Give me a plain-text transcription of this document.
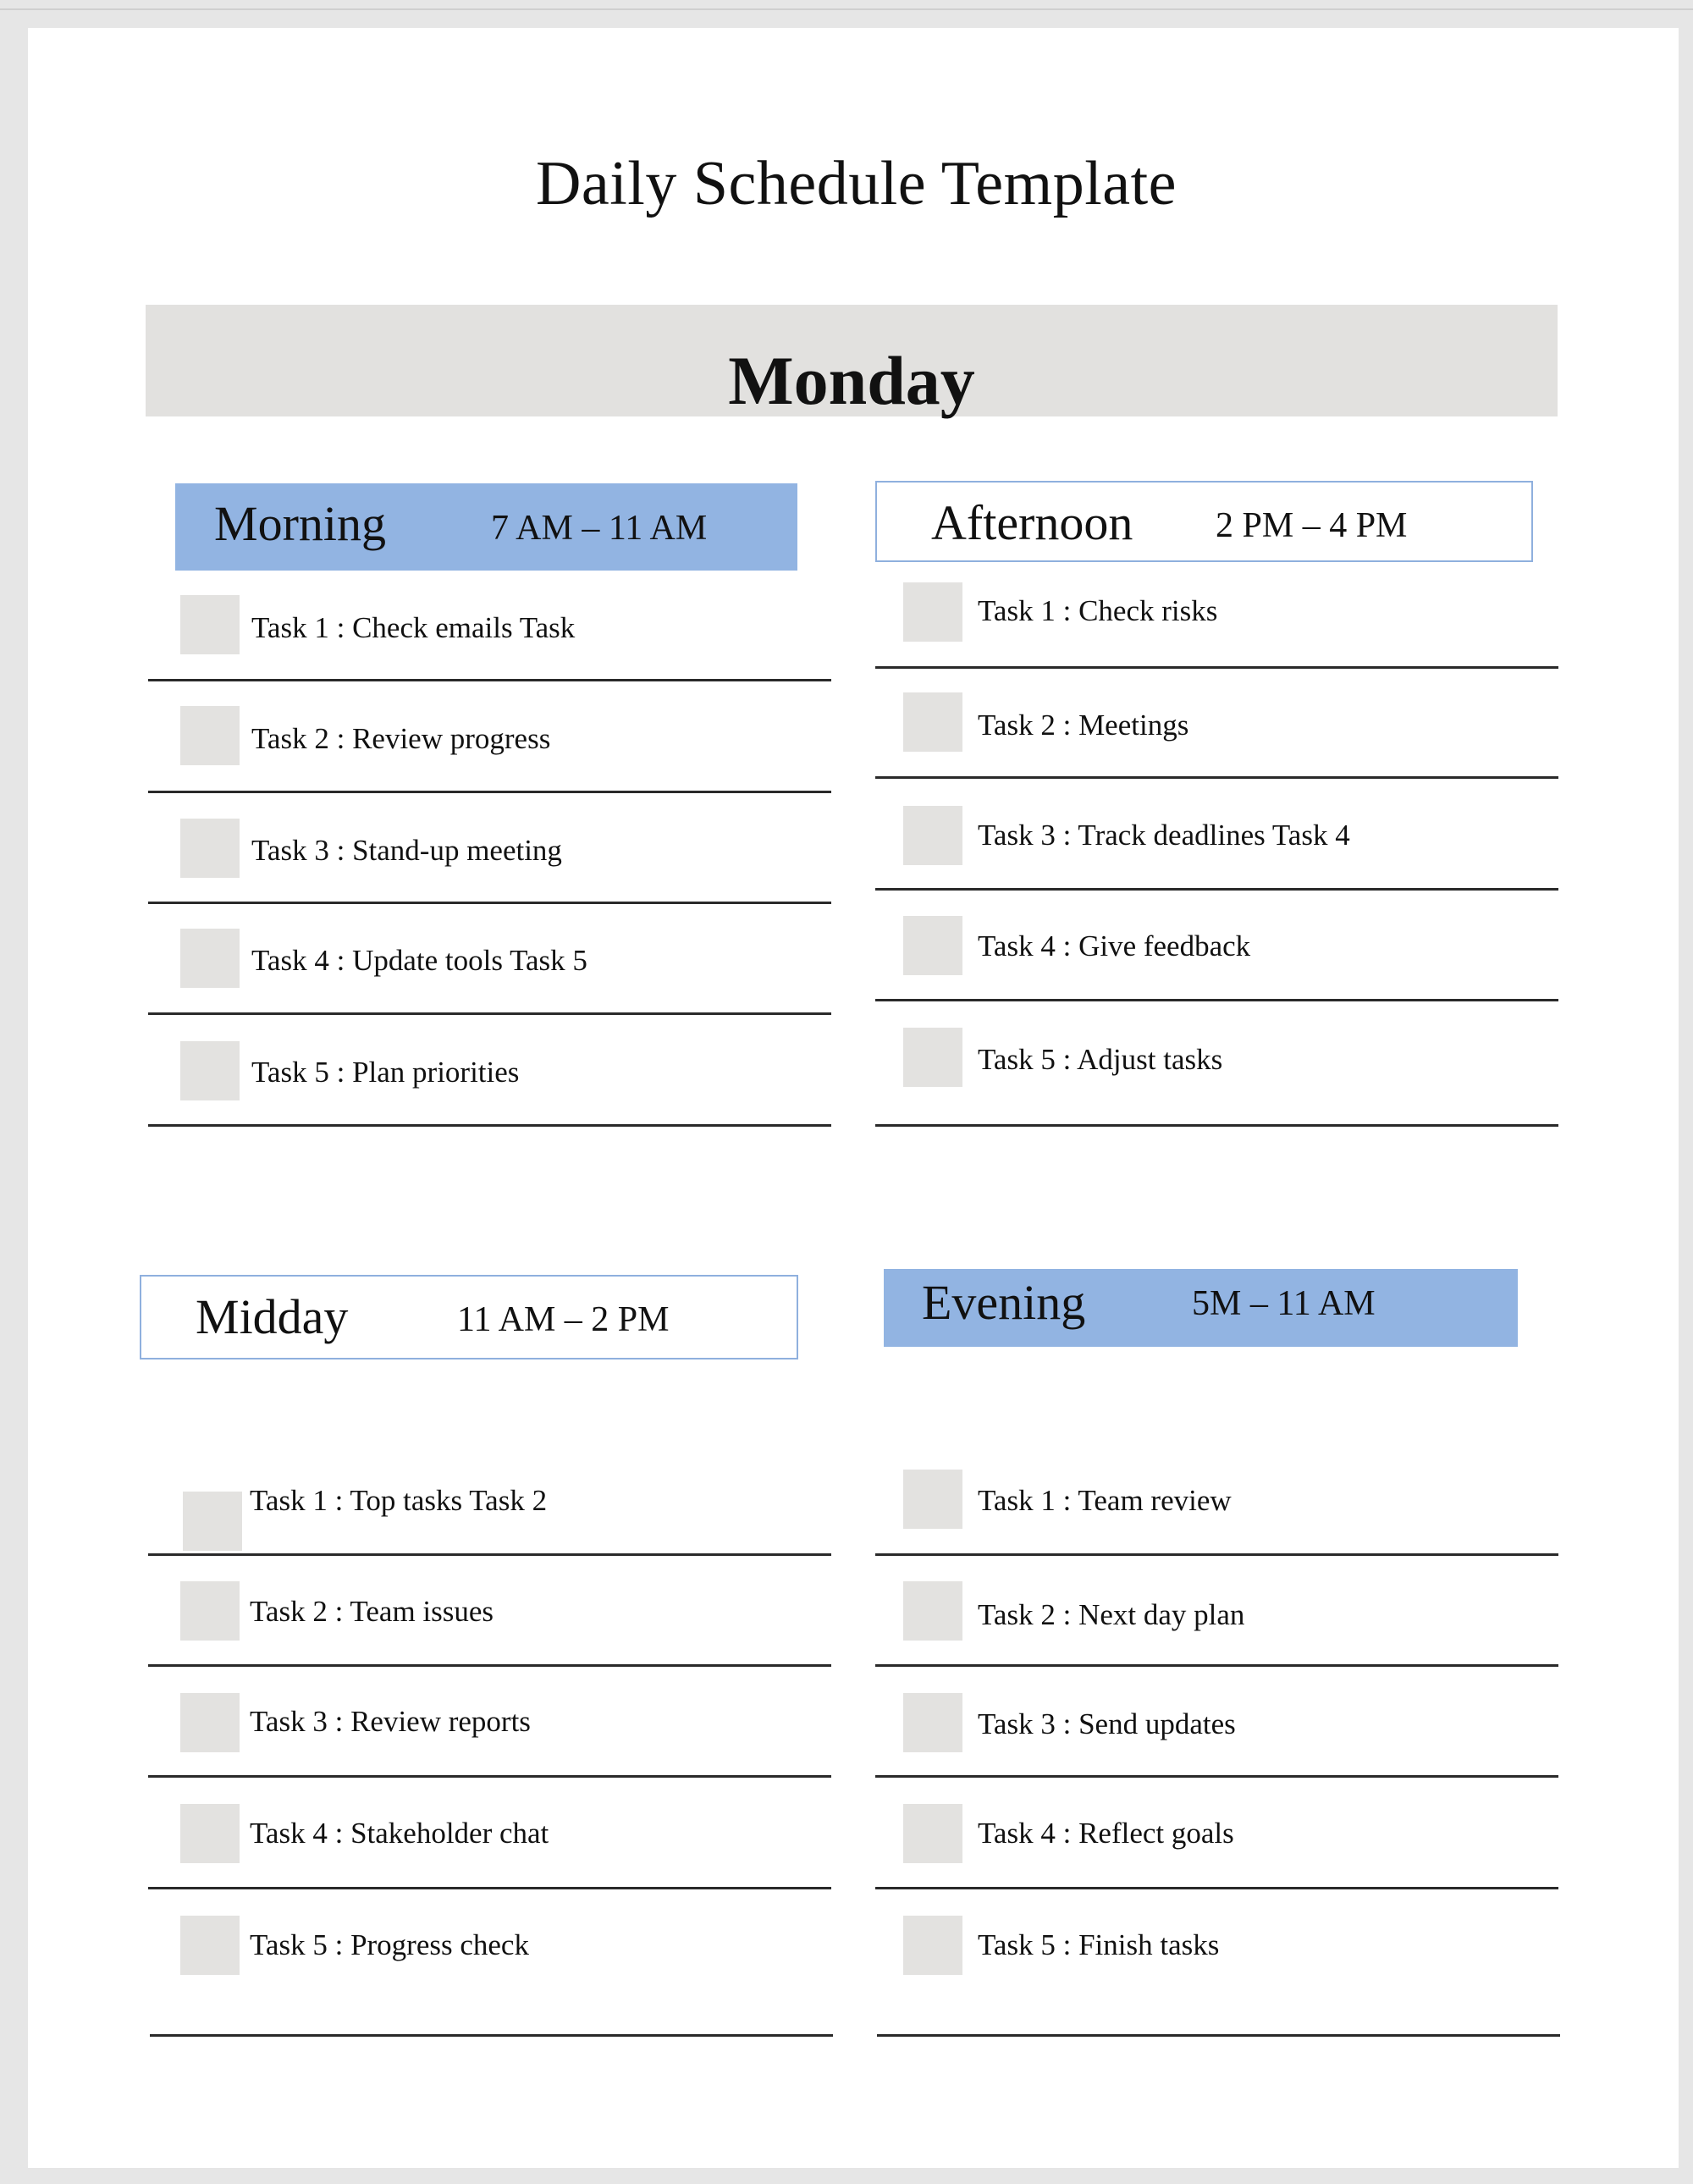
Daily Schedule Template
Monday
Morning	7 AM – 11 AM
Task 1 : Check emails Task
Task 2 : Review progress
Task 3 : Stand-up meeting
Task 4 : Update tools Task 5
Task 5 : Plan priorities
Afternoon 2 PM – 4 PM
Task 1 : Check risks
Task 2 : Meetings
Task 3 : Track deadlines Task 4
Task 4 : Give feedback
Task 5 : Adjust tasks
Midday	11 AM – 2 PM
Task 1 : Top tasks Task 2
Task 2 : Team issues
Task 3 : Review reports
Task 4 : Stakeholder chat
Task 5 : Progress check
Evening	5M – 11 AM
Task 1 : Team review
Task 2 : Next day plan
Task 3 : Send updates
Task 4 : Reflect goals
Task 5 : Finish tasks
